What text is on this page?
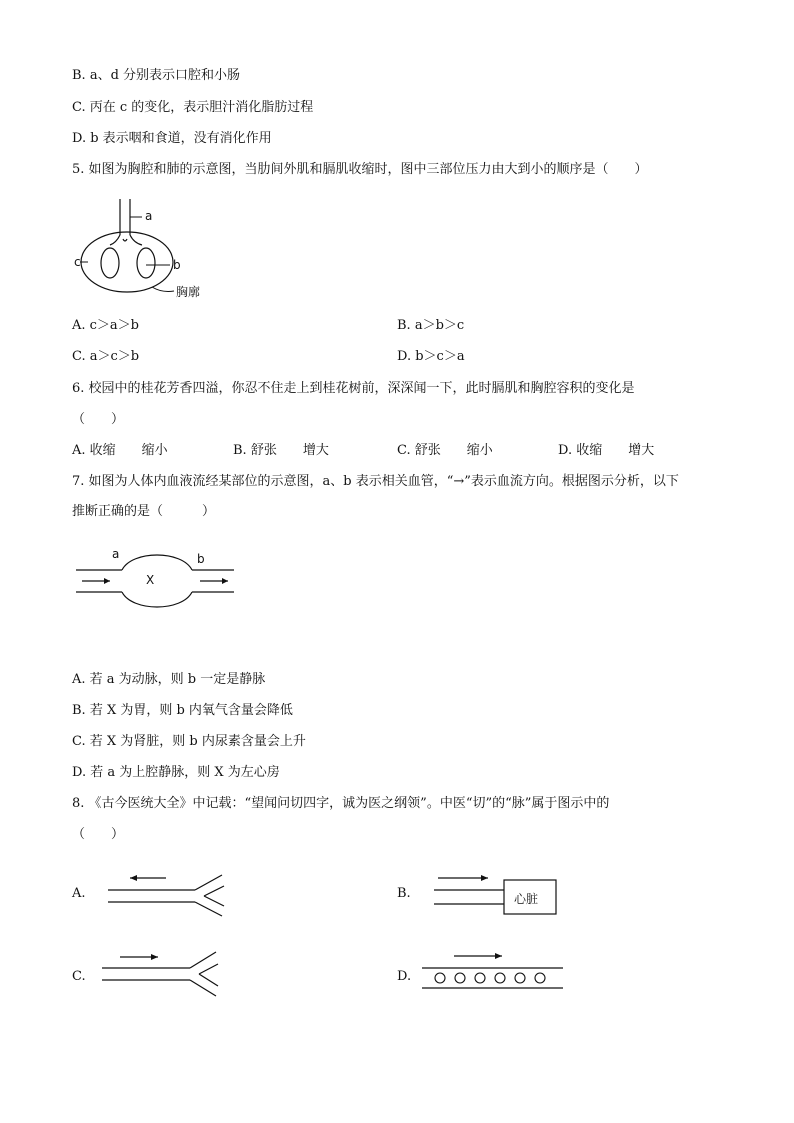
B. a、d 分别表示口腔和小肠
C. 丙在 c 的变化，表示胆汁消化脂肪过程
D. b 表示咽和食道，没有消化作用
5. 如图为胸腔和肺的示意图，当肋间外肌和膈肌收缩时，图中三部位压力由大到小的顺序是（　　）
a
c	b
胸廓
A. c＞a＞b	B. a＞b＞c
C. a＞c＞b	D. b＞c＞a
6. 校园中的桂花芳香四溢，你忍不住走上到桂花树前，深深闻一下，此时膈肌和胸腔容积的变化是
（　　）
A. 收缩　　缩小	B. 舒张　　增大	C. 舒张　　缩小	D. 收缩　　增大
7. 如图为人体内血液流经某部位的示意图，a、b 表示相关血管，“→”表示血流方向。根据图示分析，以下
推断正确的是（　　　）
a	b
X
A. 若 a 为动脉，则 b 一定是静脉
B. 若 X 为胃，则 b 内氧气含量会降低
C. 若 X 为肾脏，则 b 内尿素含量会上升
D. 若 a 为上腔静脉，则 X 为左心房
8. 《古今医统大全》中记载：“望闻问切四字，诚为医之纲领”。中医“切”的“脉”属于图示中的
（　　）
A.	B.	心脏
C.	D.
